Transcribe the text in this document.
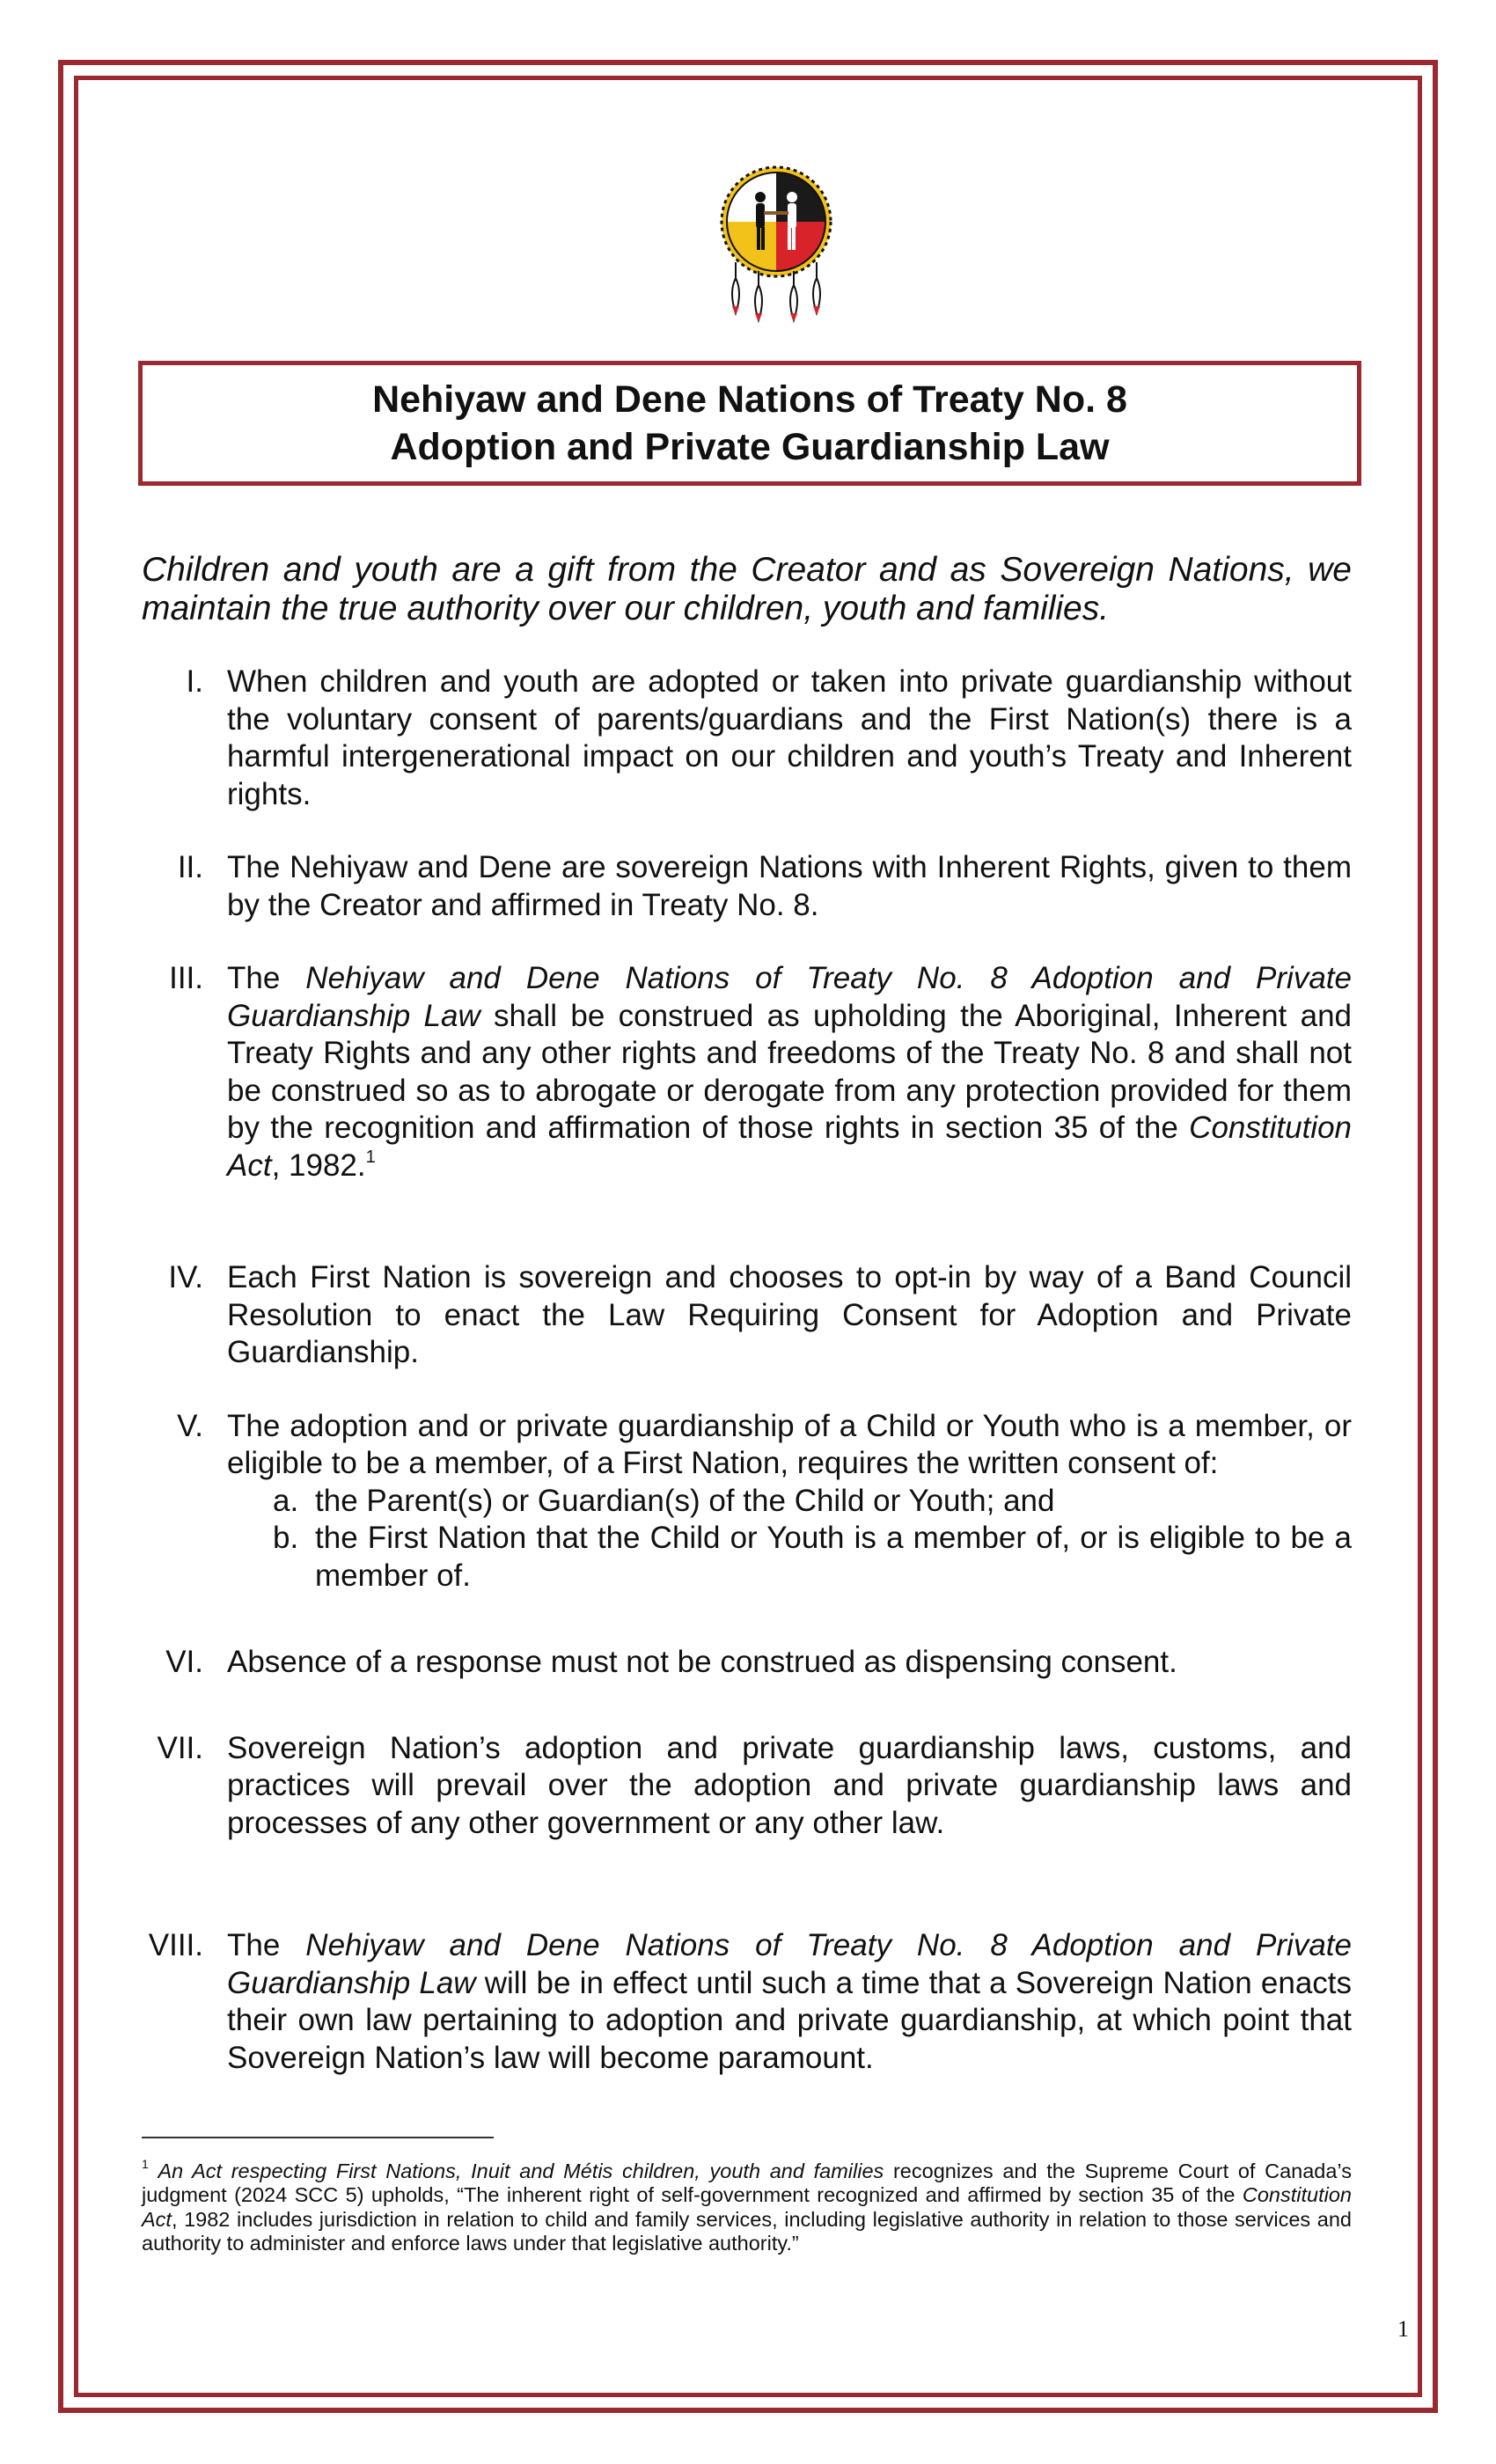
Nehiyaw and Dene Nations of Treaty No. 8
Adoption and Private Guardianship Law
Children and youth are a gift from the Creator and as Sovereign Nations, we maintain the true authority over our children, youth and families.
I. When children and youth are adopted or taken into private guardianship without the voluntary consent of parents/guardians and the First Nation(s) there is a harmful intergenerational impact on our children and youth’s Treaty and Inherent rights.
II. The Nehiyaw and Dene are sovereign Nations with Inherent Rights, given to them by the Creator and affirmed in Treaty No. 8.
III. The Nehiyaw and Dene Nations of Treaty No. 8 Adoption and Private Guardianship Law shall be construed as upholding the Aboriginal, Inherent and Treaty Rights and any other rights and freedoms of the Treaty No. 8 and shall not be construed so as to abrogate or derogate from any protection provided for them by the recognition and affirmation of those rights in section 35 of the Constitution Act, 1982.$^1$
IV. Each First Nation is sovereign and chooses to opt-in by way of a Band Council Resolution to enact the Law Requiring Consent for Adoption and Private Guardianship.
V. The adoption and or private guardianship of a Child or Youth who is a member, or eligible to be a member, of a First Nation, requires the written consent of:
a. the Parent(s) or Guardian(s) of the Child or Youth; and
b. the First Nation that the Child or Youth is a member of, or is eligible to be a member of.
VI. Absence of a response must not be construed as dispensing consent.
VII. Sovereign Nation’s adoption and private guardianship laws, customs, and practices will prevail over the adoption and private guardianship laws and processes of any other government or any other law.
VIII. The Nehiyaw and Dene Nations of Treaty No. 8 Adoption and Private Guardianship Law will be in effect until such a time that a Sovereign Nation enacts their own law pertaining to adoption and private guardianship, at which point that Sovereign Nation’s law will become paramount.
$^1$ An Act respecting First Nations, Inuit and Métis children, youth and families recognizes and the Supreme Court of Canada’s judgment (2024 SCC 5) upholds, “The inherent right of self-government recognized and affirmed by section 35 of the Constitution Act, 1982 includes jurisdiction in relation to child and family services, including legislative authority in relation to those services and authority to administer and enforce laws under that legislative authority.”
1
